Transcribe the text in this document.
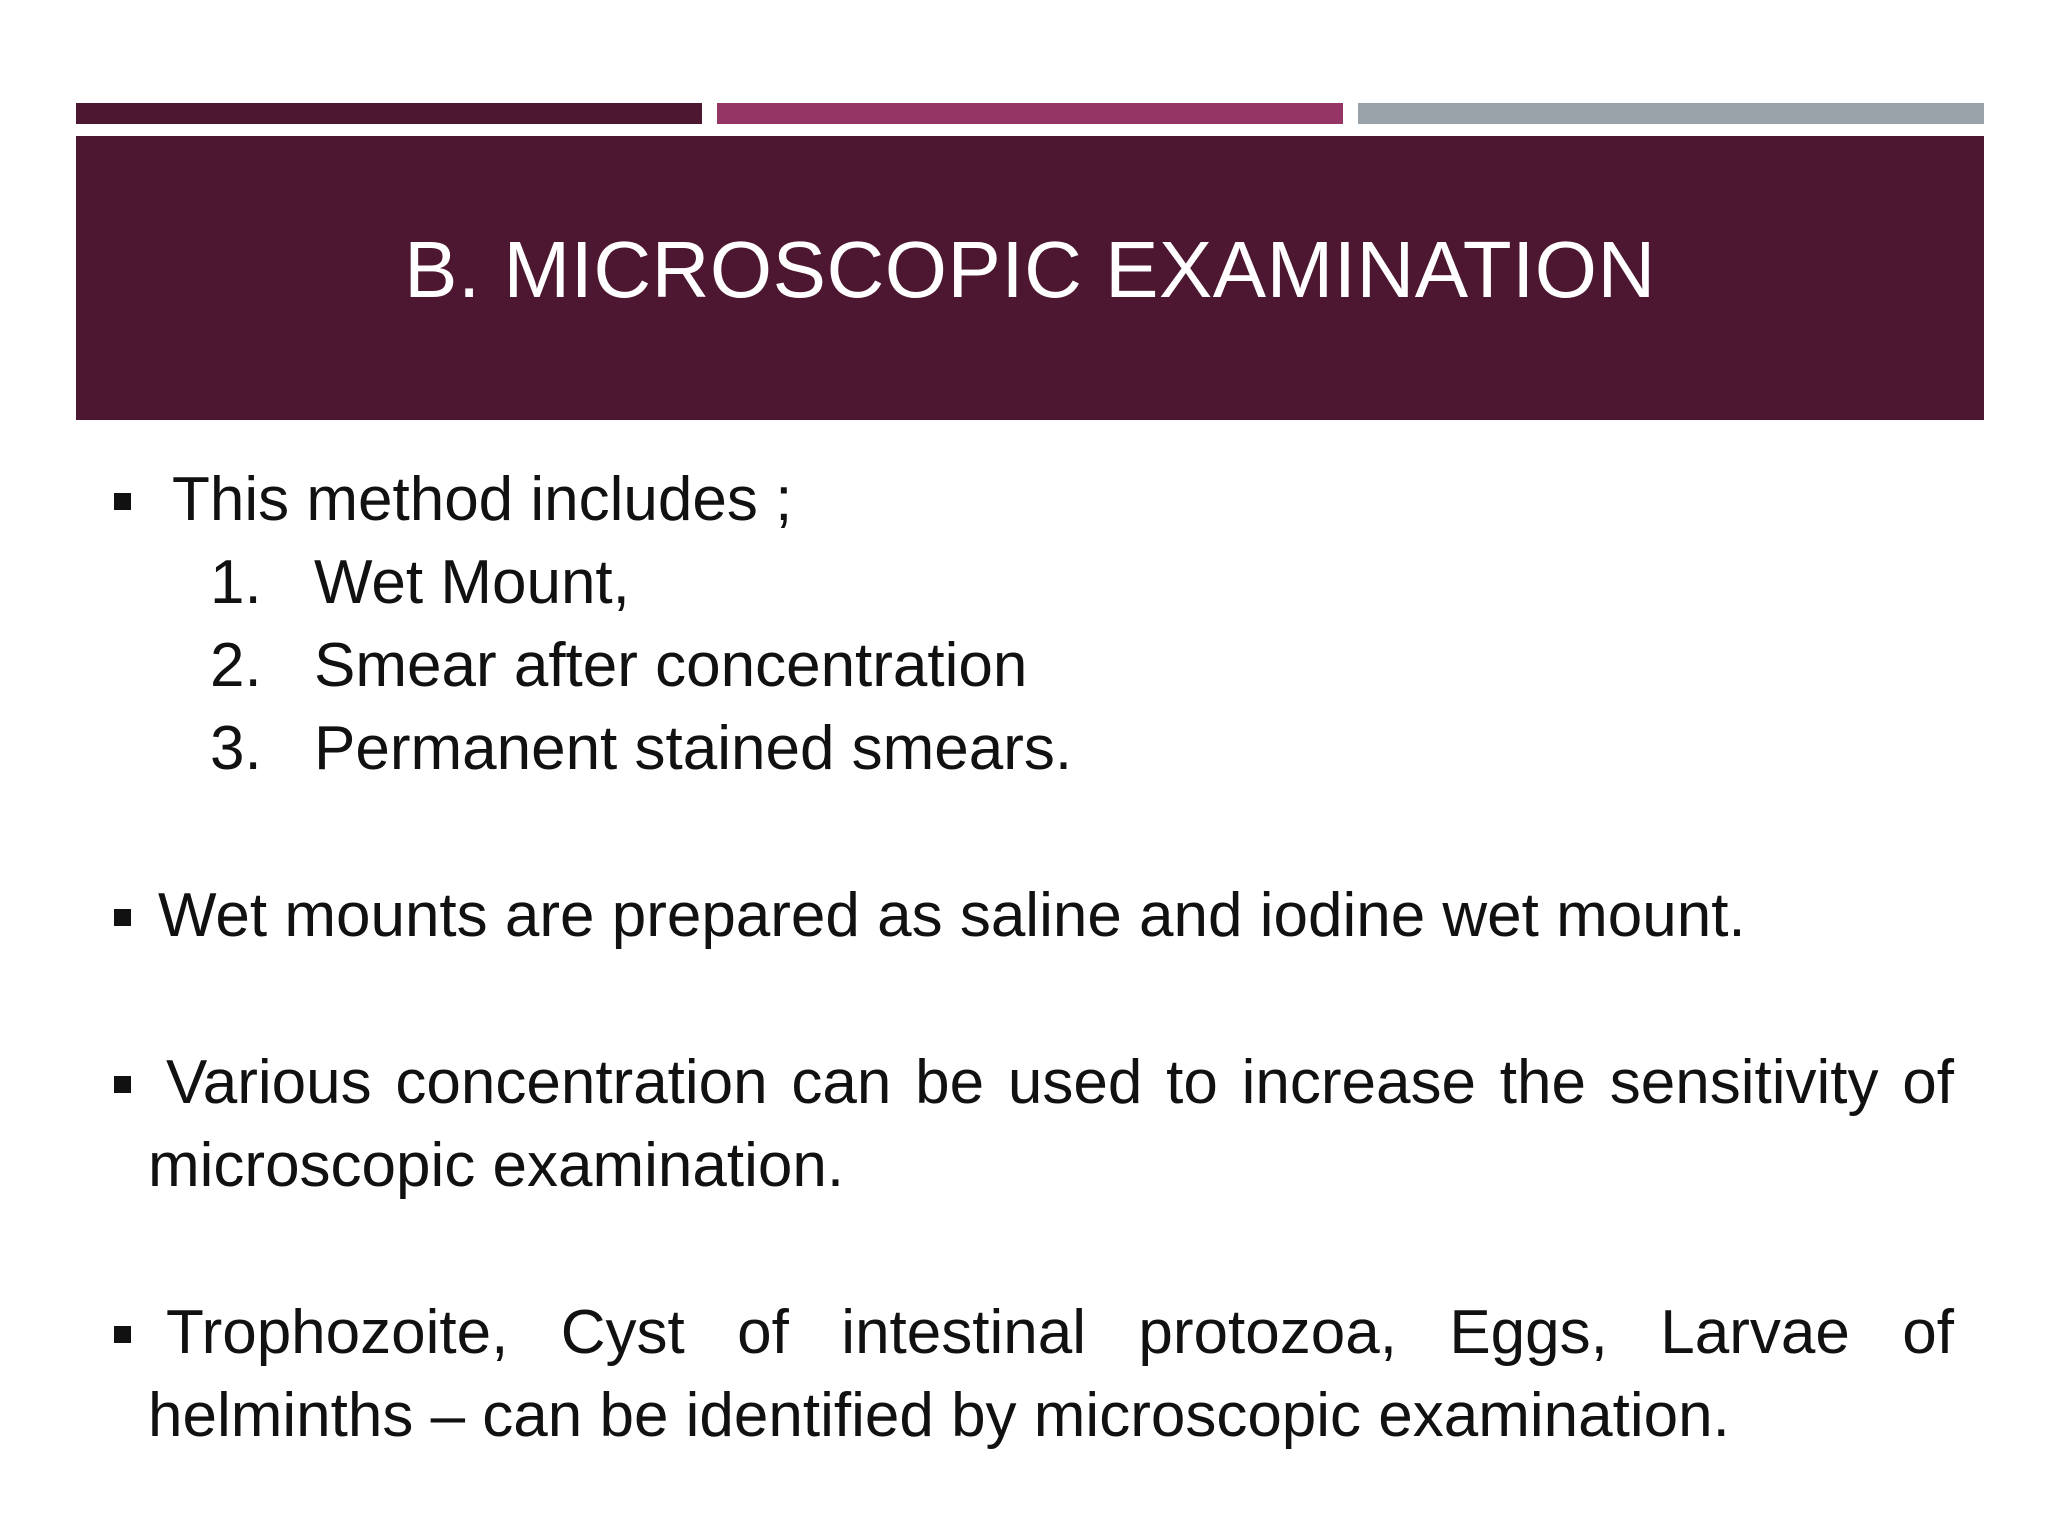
B. MICROSCOPIC EXAMINATION
This method includes ;
1. Wet Mount,
2. Smear after concentration
3. Permanent stained smears.
Wet mounts are prepared as saline and iodine wet mount.
Various concentration can be used to increase the sensitivity of microscopic examination.
Trophozoite, Cyst of intestinal protozoa, Eggs, Larvae of helminths – can be identified by microscopic examination.
